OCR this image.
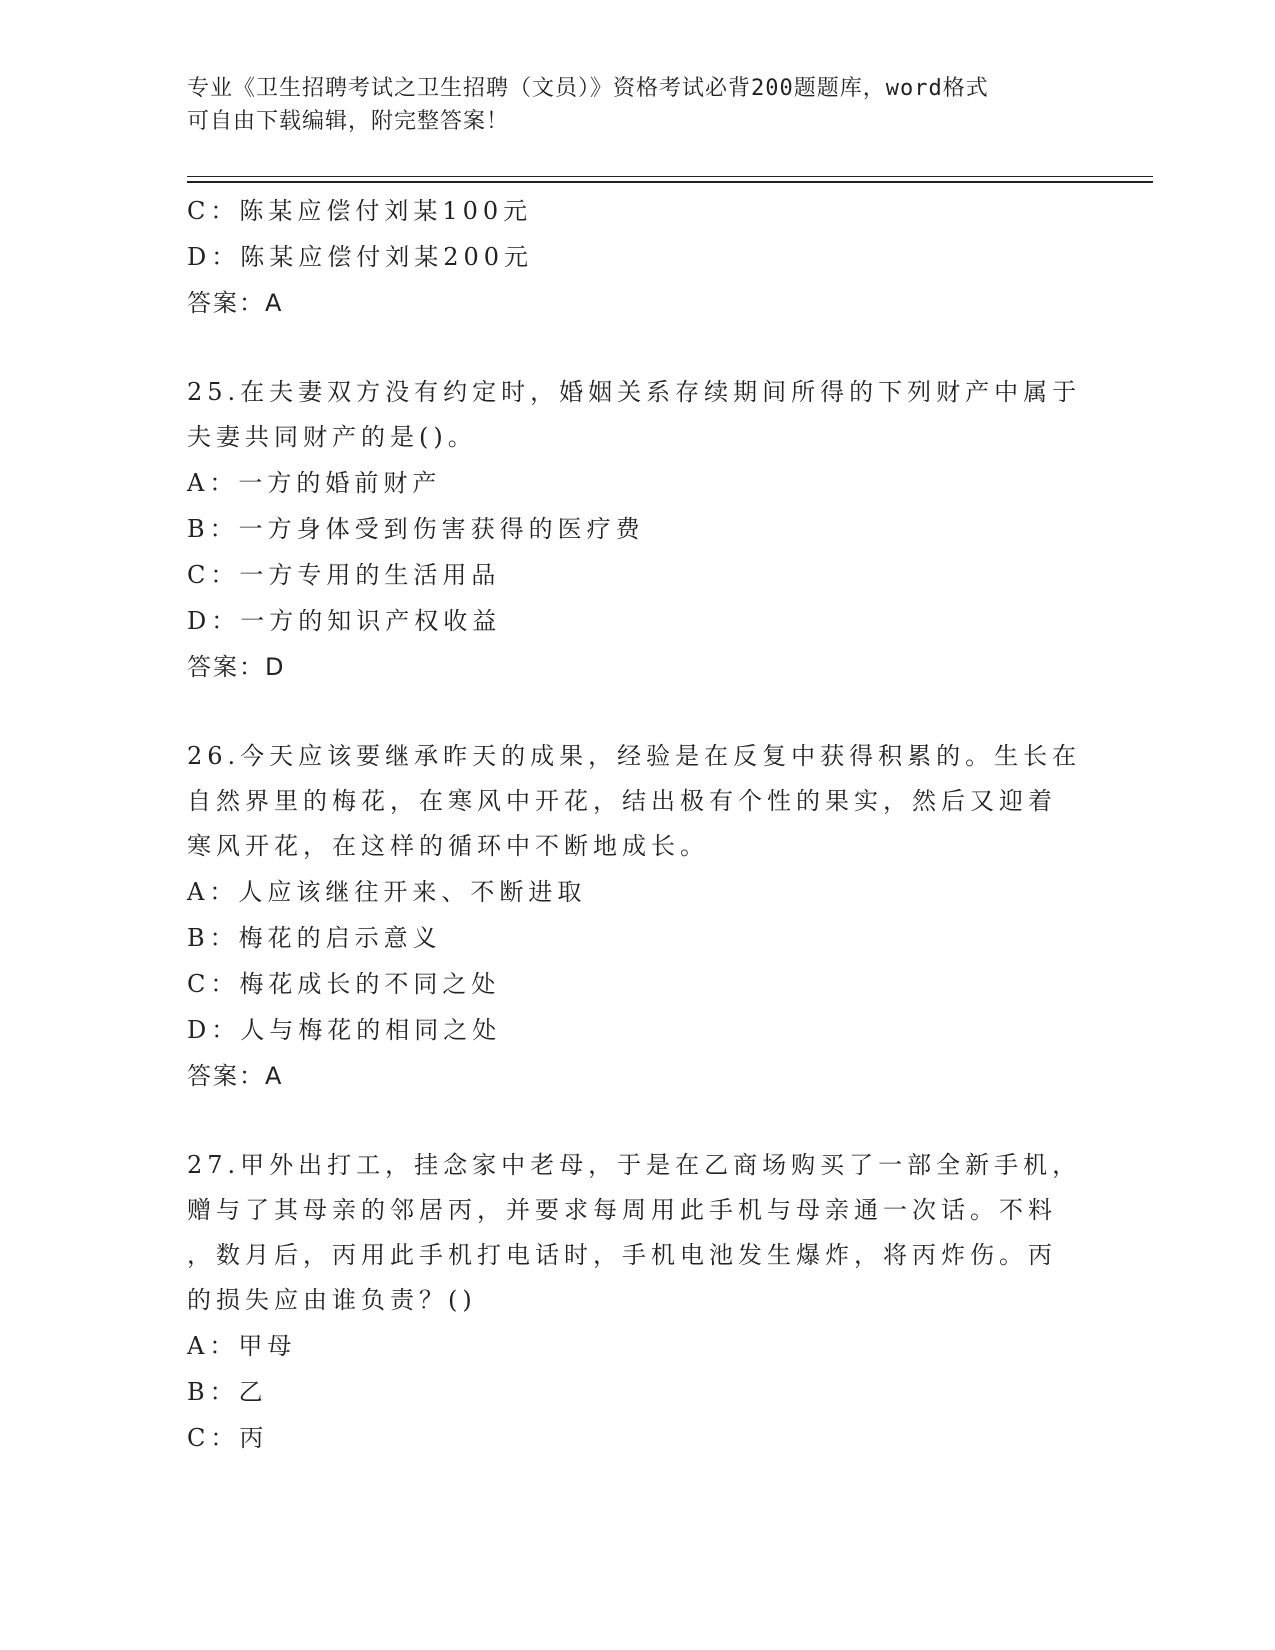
专业《卫生招聘考试之卫生招聘（文员）》资格考试必背200题题库，word格式
可自由下载编辑，附完整答案！
C：陈某应偿付刘某100元
D：陈某应偿付刘某200元
答案：A
25.在夫妻双方没有约定时，婚姻关系存续期间所得的下列财产中属于
夫妻共同财产的是()。
A：一方的婚前财产
B：一方身体受到伤害获得的医疗费
C：一方专用的生活用品
D：一方的知识产权收益
答案：D
26.今天应该要继承昨天的成果，经验是在反复中获得积累的。生长在
自然界里的梅花，在寒风中开花，结出极有个性的果实，然后又迎着
寒风开花，在这样的循环中不断地成长。
A：人应该继往开来、不断进取
B：梅花的启示意义
C：梅花成长的不同之处
D：人与梅花的相同之处
答案：A
27.甲外出打工，挂念家中老母，于是在乙商场购买了一部全新手机，
赠与了其母亲的邻居丙，并要求每周用此手机与母亲通一次话。不料
，数月后，丙用此手机打电话时，手机电池发生爆炸，将丙炸伤。丙
的损失应由谁负责？()
A：甲母
B：乙
C：丙
